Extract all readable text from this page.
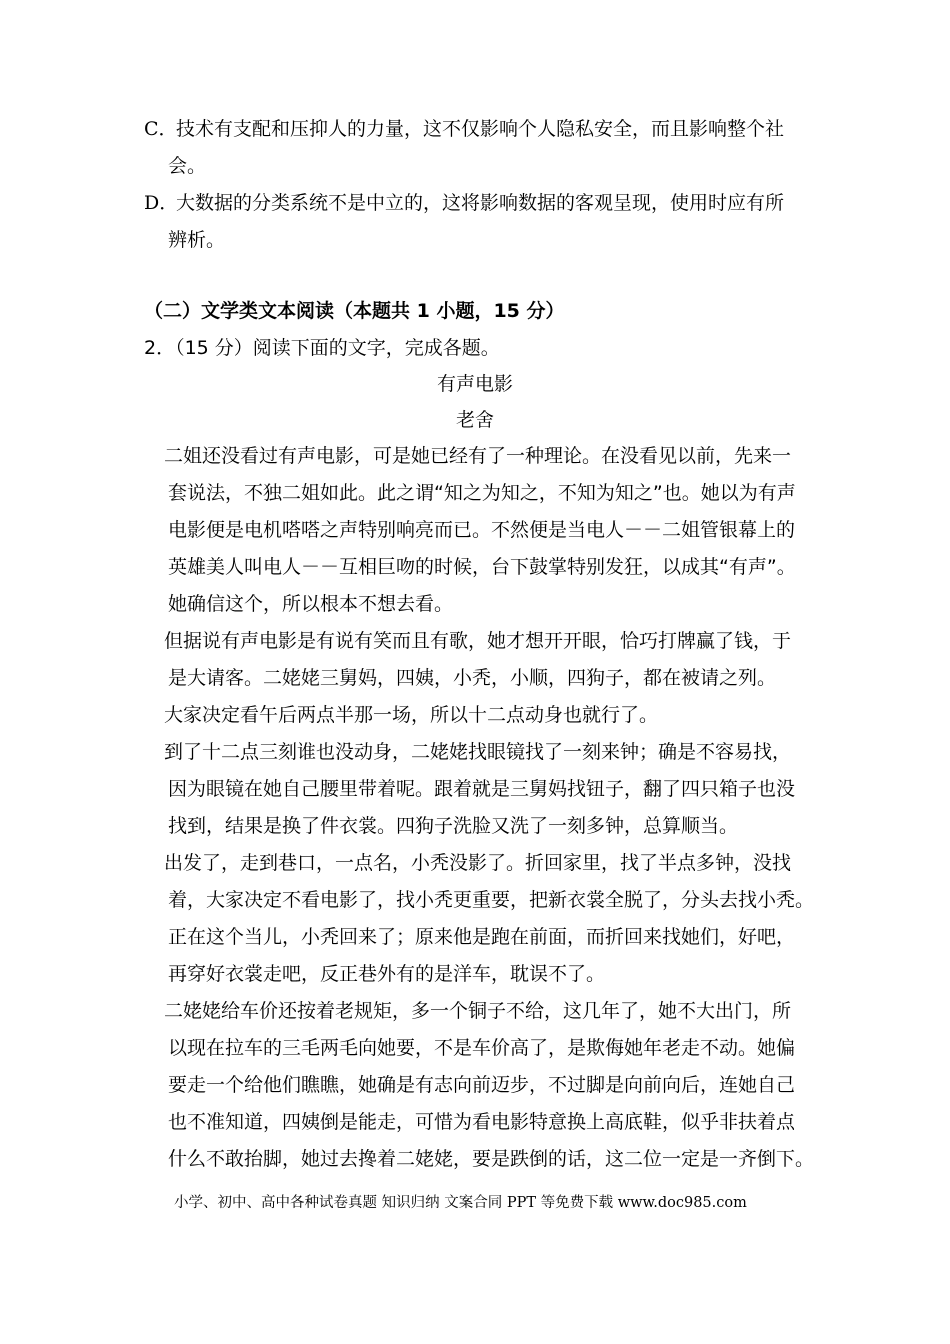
C．
技术有支配和压抑人的力量，这不仅影响个人隐私安全，而且影响整个社
会。
D．
大数据的分类系统不是中立的，这将影响数据的客观呈现，使用时应有所
辨析。
（二）文学类文本阅读（本题共 1 小题，15 分）
2．（15 分）阅读下面的文字，完成各题。
有声电影
老舍
二姐还没看过有声电影，可是她已经有了一种理论。在没看见以前，先来一
套说法，不独二姐如此。此之谓“知之为知之，不知为知之”也。她以为有声
电影便是电机嗒嗒之声特别响亮而已。不然便是当电人－－二姐管银幕上的
英雄美人叫电人－－互相巨吻的时候，台下鼓掌特别发狂，以成其“有声”。
她确信这个，所以根本不想去看。
但据说有声电影是有说有笑而且有歌，她才想开开眼，恰巧打牌赢了钱，于
是大请客。二姥姥三舅妈，四姨，小秃，小顺，四狗子，都在被请之列。
大家决定看午后两点半那一场，所以十二点动身也就行了。
到了十二点三刻谁也没动身，二姥姥找眼镜找了一刻来钟；确是不容易找，
因为眼镜在她自己腰里带着呢。跟着就是三舅妈找钮子，翻了四只箱子也没
找到，结果是换了件衣裳。四狗子洗脸又洗了一刻多钟，总算顺当。
出发了，走到巷口，一点名，小秃没影了。折回家里，找了半点多钟，没找
着，大家决定不看电影了，找小秃更重要，把新衣裳全脱了，分头去找小秃。
正在这个当儿，小秃回来了；原来他是跑在前面，而折回来找她们，好吧，
再穿好衣裳走吧，反正巷外有的是洋车，耽误不了。
二姥姥给车价还按着老规矩，多一个铜子不给，这几年了，她不大出门，所
以现在拉车的三毛两毛向她要，不是车价高了，是欺侮她年老走不动。她偏
要走一个给他们瞧瞧，她确是有志向前迈步，不过脚是向前向后，连她自己
也不准知道，四姨倒是能走，可惜为看电影特意换上高底鞋，似乎非扶着点
什么不敢抬脚，她过去搀着二姥姥，要是跌倒的话，这二位一定是一齐倒下。
小学、初中、高中各种试卷真题 知识归纳 文案合同 PPT 等免费下载 www.doc985.com
